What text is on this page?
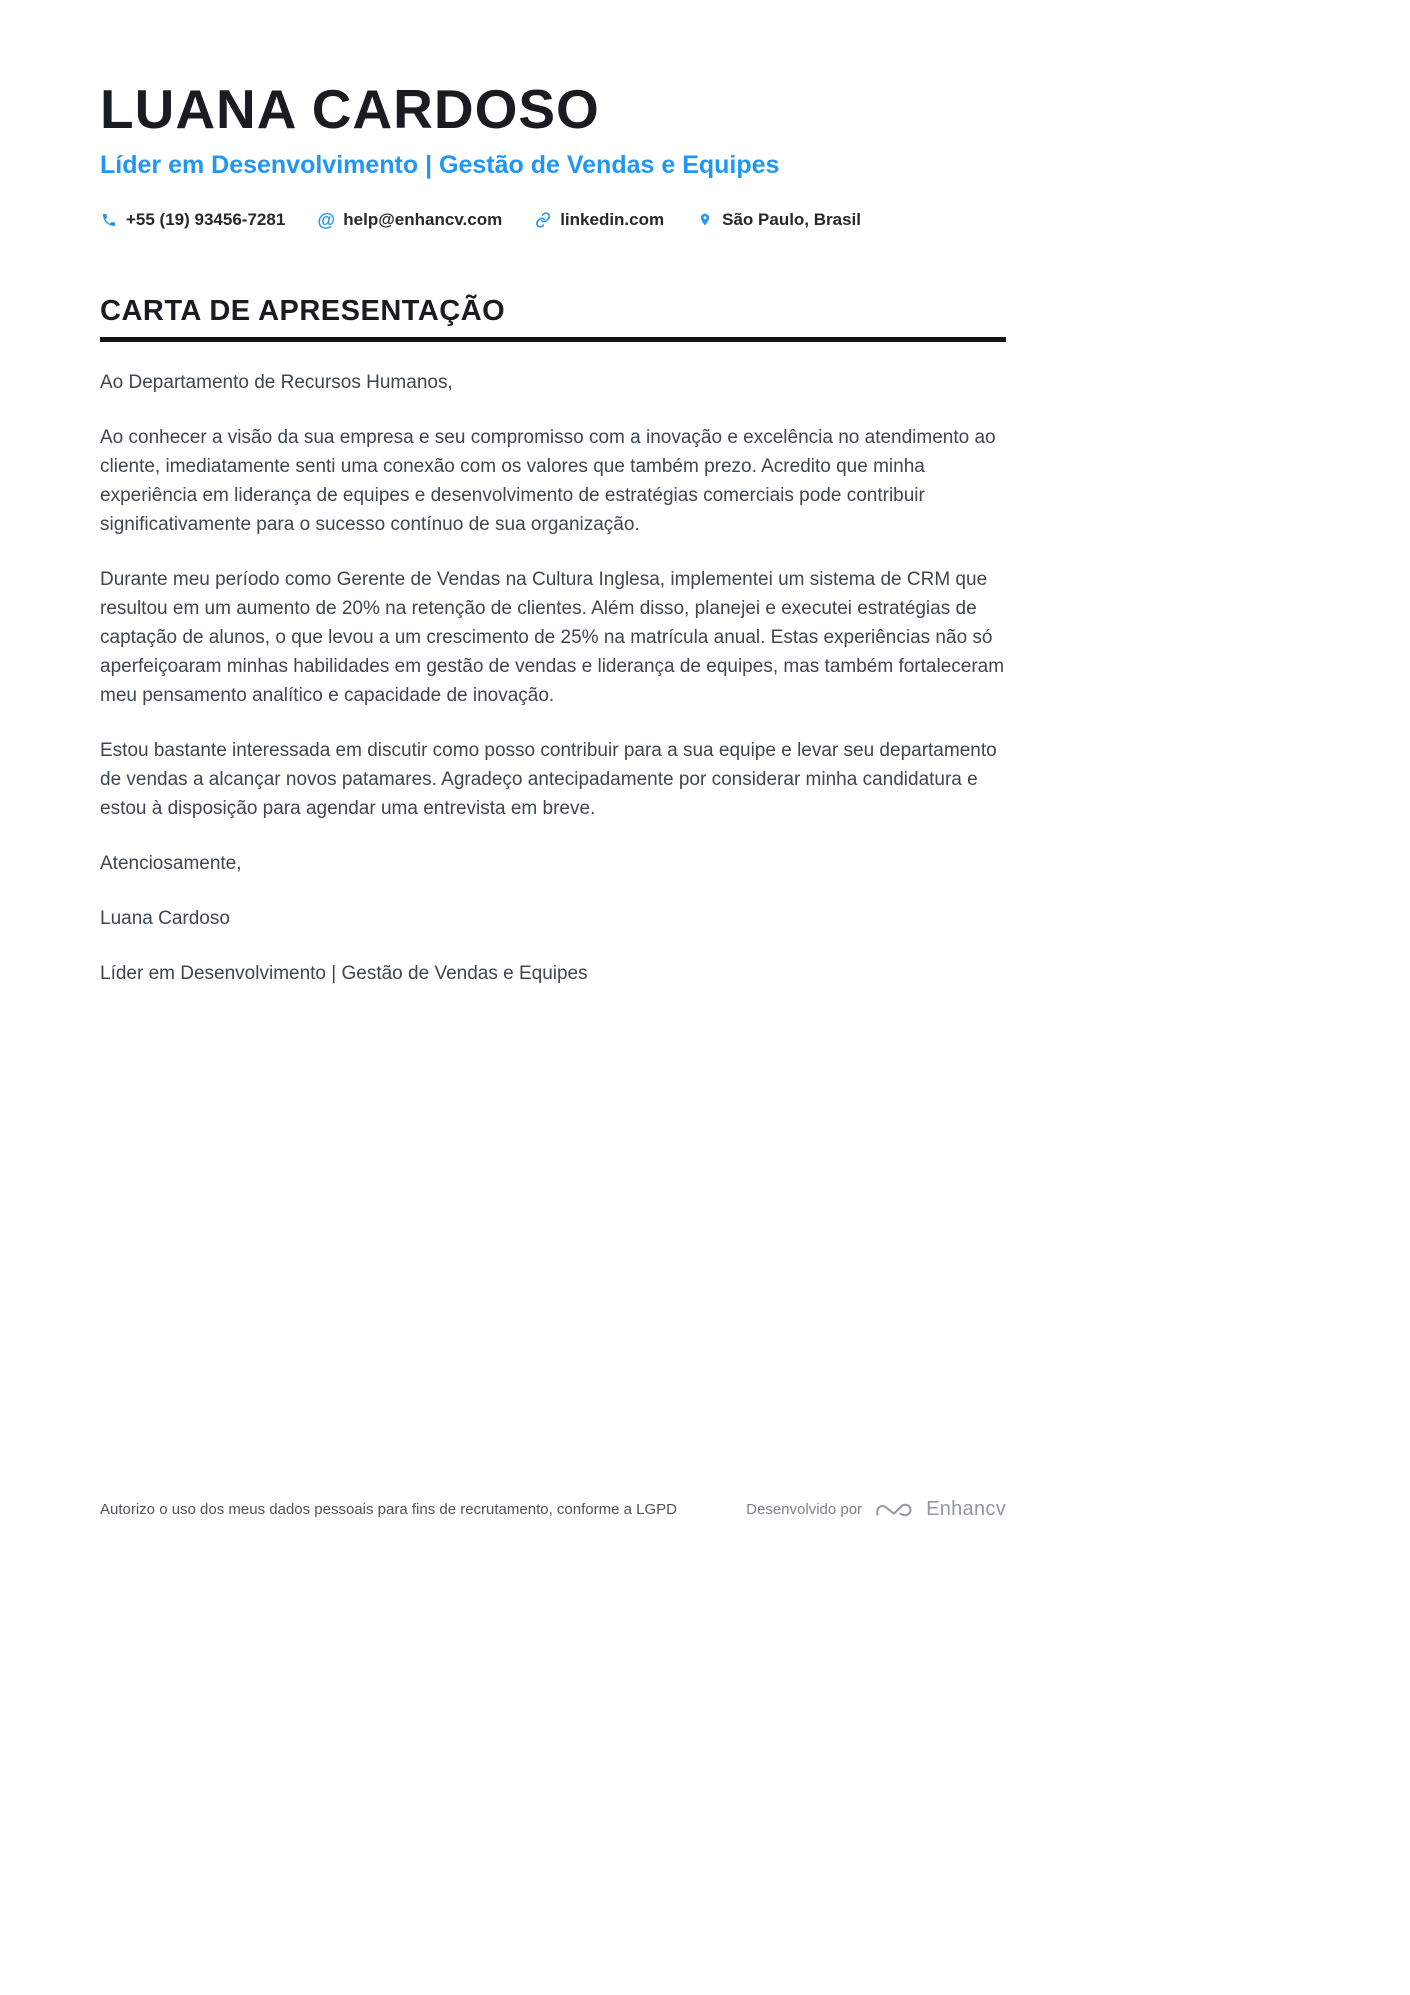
LUANA CARDOSO
Líder em Desenvolvimento | Gestão de Vendas e Equipes
+55 (19) 93456-7281 @ help@enhancv.com	linkedin.com	São Paulo, Brasil
CARTA DE APRESENTAÇÃO

Ao Departamento de Recursos Humanos,

Ao conhecer a visão da sua empresa e seu compromisso com a inovação e excelência no atendimento ao cliente, imediatamente senti uma conexão com os valores que também prezo. Acredito que minha experiência em liderança de equipes e desenvolvimento de estratégias comerciais pode contribuir significativamente para o sucesso contínuo de sua organização.

Durante meu período como Gerente de Vendas na Cultura Inglesa, implementei um sistema de CRM que resultou em um aumento de 20% na retenção de clientes. Além disso, planejei e executei estratégias de captação de alunos, o que levou a um crescimento de 25% na matrícula anual. Estas experiências não só aperfeiçoaram minhas habilidades em gestão de vendas e liderança de equipes, mas também fortaleceram meu pensamento analítico e capacidade de inovação.

Estou bastante interessada em discutir como posso contribuir para a sua equipe e levar seu departamento de vendas a alcançar novos patamares. Agradeço antecipadamente por considerar minha candidatura e estou à disposição para agendar uma entrevista em breve.

Atenciosamente,

Luana Cardoso

Líder em Desenvolvimento | Gestão de Vendas e Equipes

Autorizo o uso dos meus dados pessoais para fins de recrutamento, conforme a LGPD	Desenvolvido por	Enhancv
